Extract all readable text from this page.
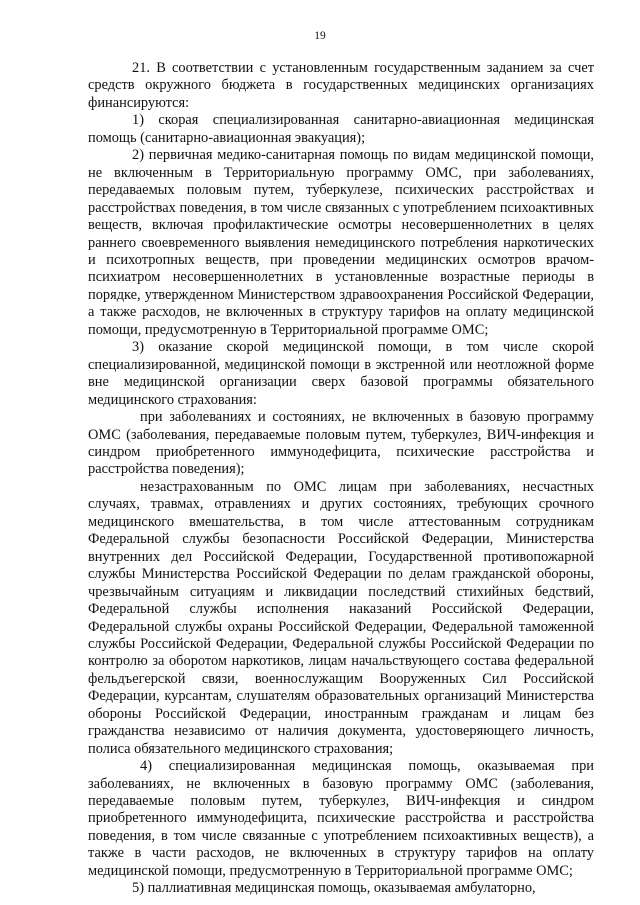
19

21. В соответствии с установленным государственным заданием за счет средств окружного бюджета в государственных медицинских организациях финансируются:

1) скорая специализированная санитарно-авиационная медицинская помощь (санитарно-авиационная эвакуация);

2) первичная медико-санитарная помощь по видам медицинской помощи, не включенным в Территориальную программу ОМС, при заболеваниях, передаваемых половым путем, туберкулезе, психических расстройствах и расстройствах поведения, в том числе связанных с употреблением психоактивных веществ, включая профилактические осмотры несовершеннолетних в целях раннего своевременного выявления немедицинского потребления наркотических и психотропных веществ, при проведении медицинских осмотров врачом-психиатром несовершеннолетних в установленные возрастные периоды в порядке, утвержденном Министерством здравоохранения Российской Федерации, а также расходов, не включенных в структуру тарифов на оплату медицинской помощи, предусмотренную в Территориальной программе ОМС;

3) оказание скорой медицинской помощи, в том числе скорой специализированной, медицинской помощи в экстренной или неотложной форме вне медицинской организации сверх базовой программы обязательного медицинского страхования:

при заболеваниях и состояниях, не включенных в базовую программу ОМС (заболевания, передаваемые половым путем, туберкулез, ВИЧ-инфекция и синдром приобретенного иммунодефицита, психические расстройства и расстройства поведения);

незастрахованным по ОМС лицам при заболеваниях, несчастных случаях, травмах, отравлениях и других состояниях, требующих срочного медицинского вмешательства, в том числе аттестованным сотрудникам Федеральной службы безопасности Российской Федерации, Министерства внутренних дел Российской Федерации, Государственной противопожарной службы Министерства Российской Федерации по делам гражданской обороны, чрезвычайным ситуациям и ликвидации последствий стихийных бедствий, Федеральной службы исполнения наказаний Российской Федерации, Федеральной службы охраны Российской Федерации, Федеральной таможенной службы Российской Федерации, Федеральной службы Российской Федерации по контролю за оборотом наркотиков, лицам начальствующего состава федеральной фельдъегерской связи, военнослужащим Вооруженных Сил Российской Федерации, курсантам, слушателям образовательных организаций Министерства обороны Российской Федерации, иностранным гражданам и лицам без гражданства независимо от наличия документа, удостоверяющего личность, полиса обязательного медицинского страхования;

4) специализированная медицинская помощь, оказываемая при заболеваниях, не включенных в базовую программу ОМС (заболевания, передаваемые половым путем, туберкулез, ВИЧ-инфекция и синдром приобретенного иммунодефицита, психические расстройства и расстройства поведения, в том числе связанные с употреблением психоактивных веществ), а также в части расходов, не включенных в структуру тарифов на оплату медицинской помощи, предусмотренную в Территориальной программе ОМС;

5) паллиативная медицинская помощь, оказываемая амбулаторно,
